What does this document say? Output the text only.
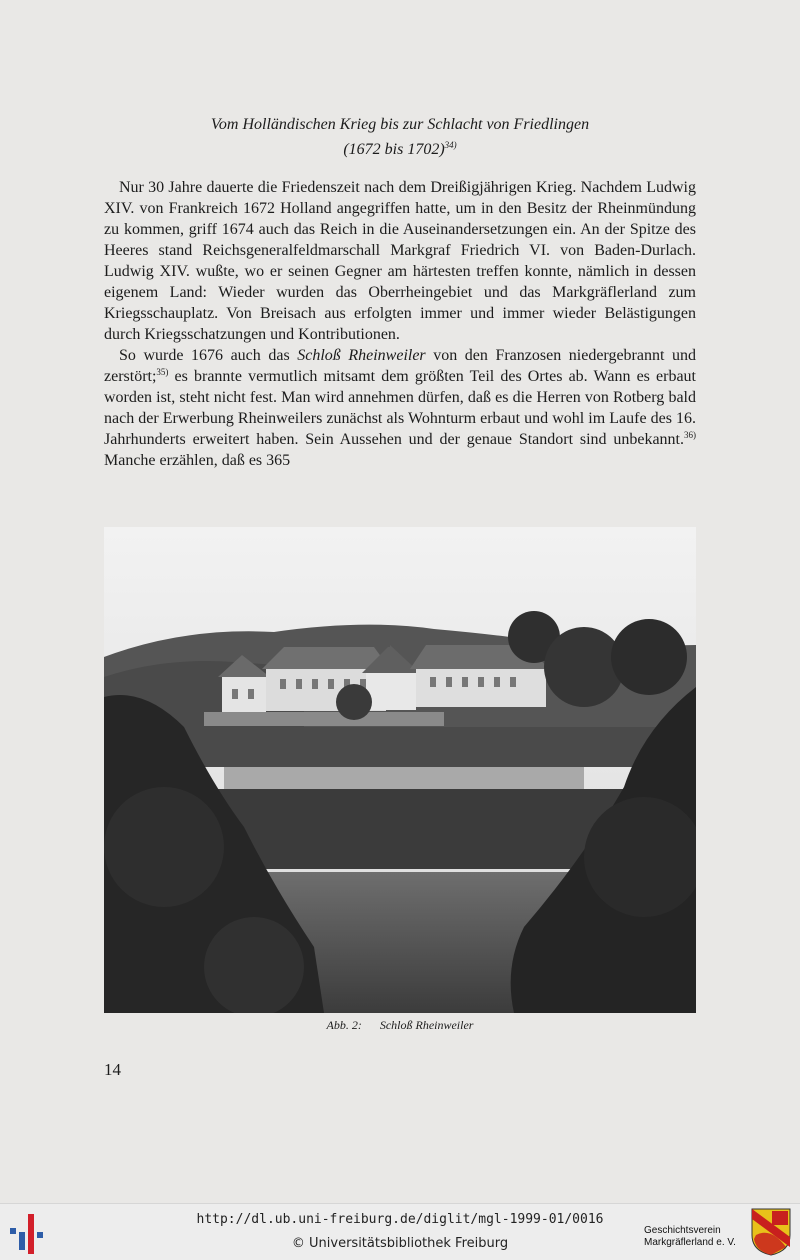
Vom Holländischen Krieg bis zur Schlacht von Friedlingen
(1672 bis 1702)$^{34)}$

Nur 30 Jahre dauerte die Friedenszeit nach dem Dreißigjährigen Krieg. Nachdem Ludwig XIV. von Frankreich 1672 Holland angegriffen hatte, um in den Besitz der Rheinmündung zu kommen, griff 1674 auch das Reich in die Auseinandersetzungen ein. An der Spitze des Heeres stand Reichsgeneralfeldmarschall Markgraf Friedrich VI. von Baden-Durlach. Ludwig XIV. wußte, wo er seinen Gegner am härtesten treffen konnte, nämlich in dessen eigenem Land: Wieder wurden das Oberrheingebiet und das Markgräflerland zum Kriegsschauplatz. Von Breisach aus erfolgten immer und immer wieder Belästigungen durch Kriegsschatzungen und Kontributionen.

So wurde 1676 auch das Schloß Rheinweiler von den Franzosen niedergebrannt und zerstört;$^{35)}$ es brannte vermutlich mitsamt dem größten Teil des Ortes ab. Wann es erbaut worden ist, steht nicht fest. Man wird annehmen dürfen, daß es die Herren von Rotberg bald nach der Erwerbung Rheinweilers zunächst als Wohnturm erbaut und wohl im Laufe des 16. Jahrhunderts erweitert haben. Sein Aussehen und der genaue Standort sind unbekannt.$^{36)}$ Manche erzählen, daß es 365

Abb. 2: Schloß Rheinweiler
14
http://dl.ub.uni-freiburg.de/diglit/mgl-1999-01/0016
© Universitätsbibliothek Freiburg
Geschichtsverein
Markgräflerland e. V.
